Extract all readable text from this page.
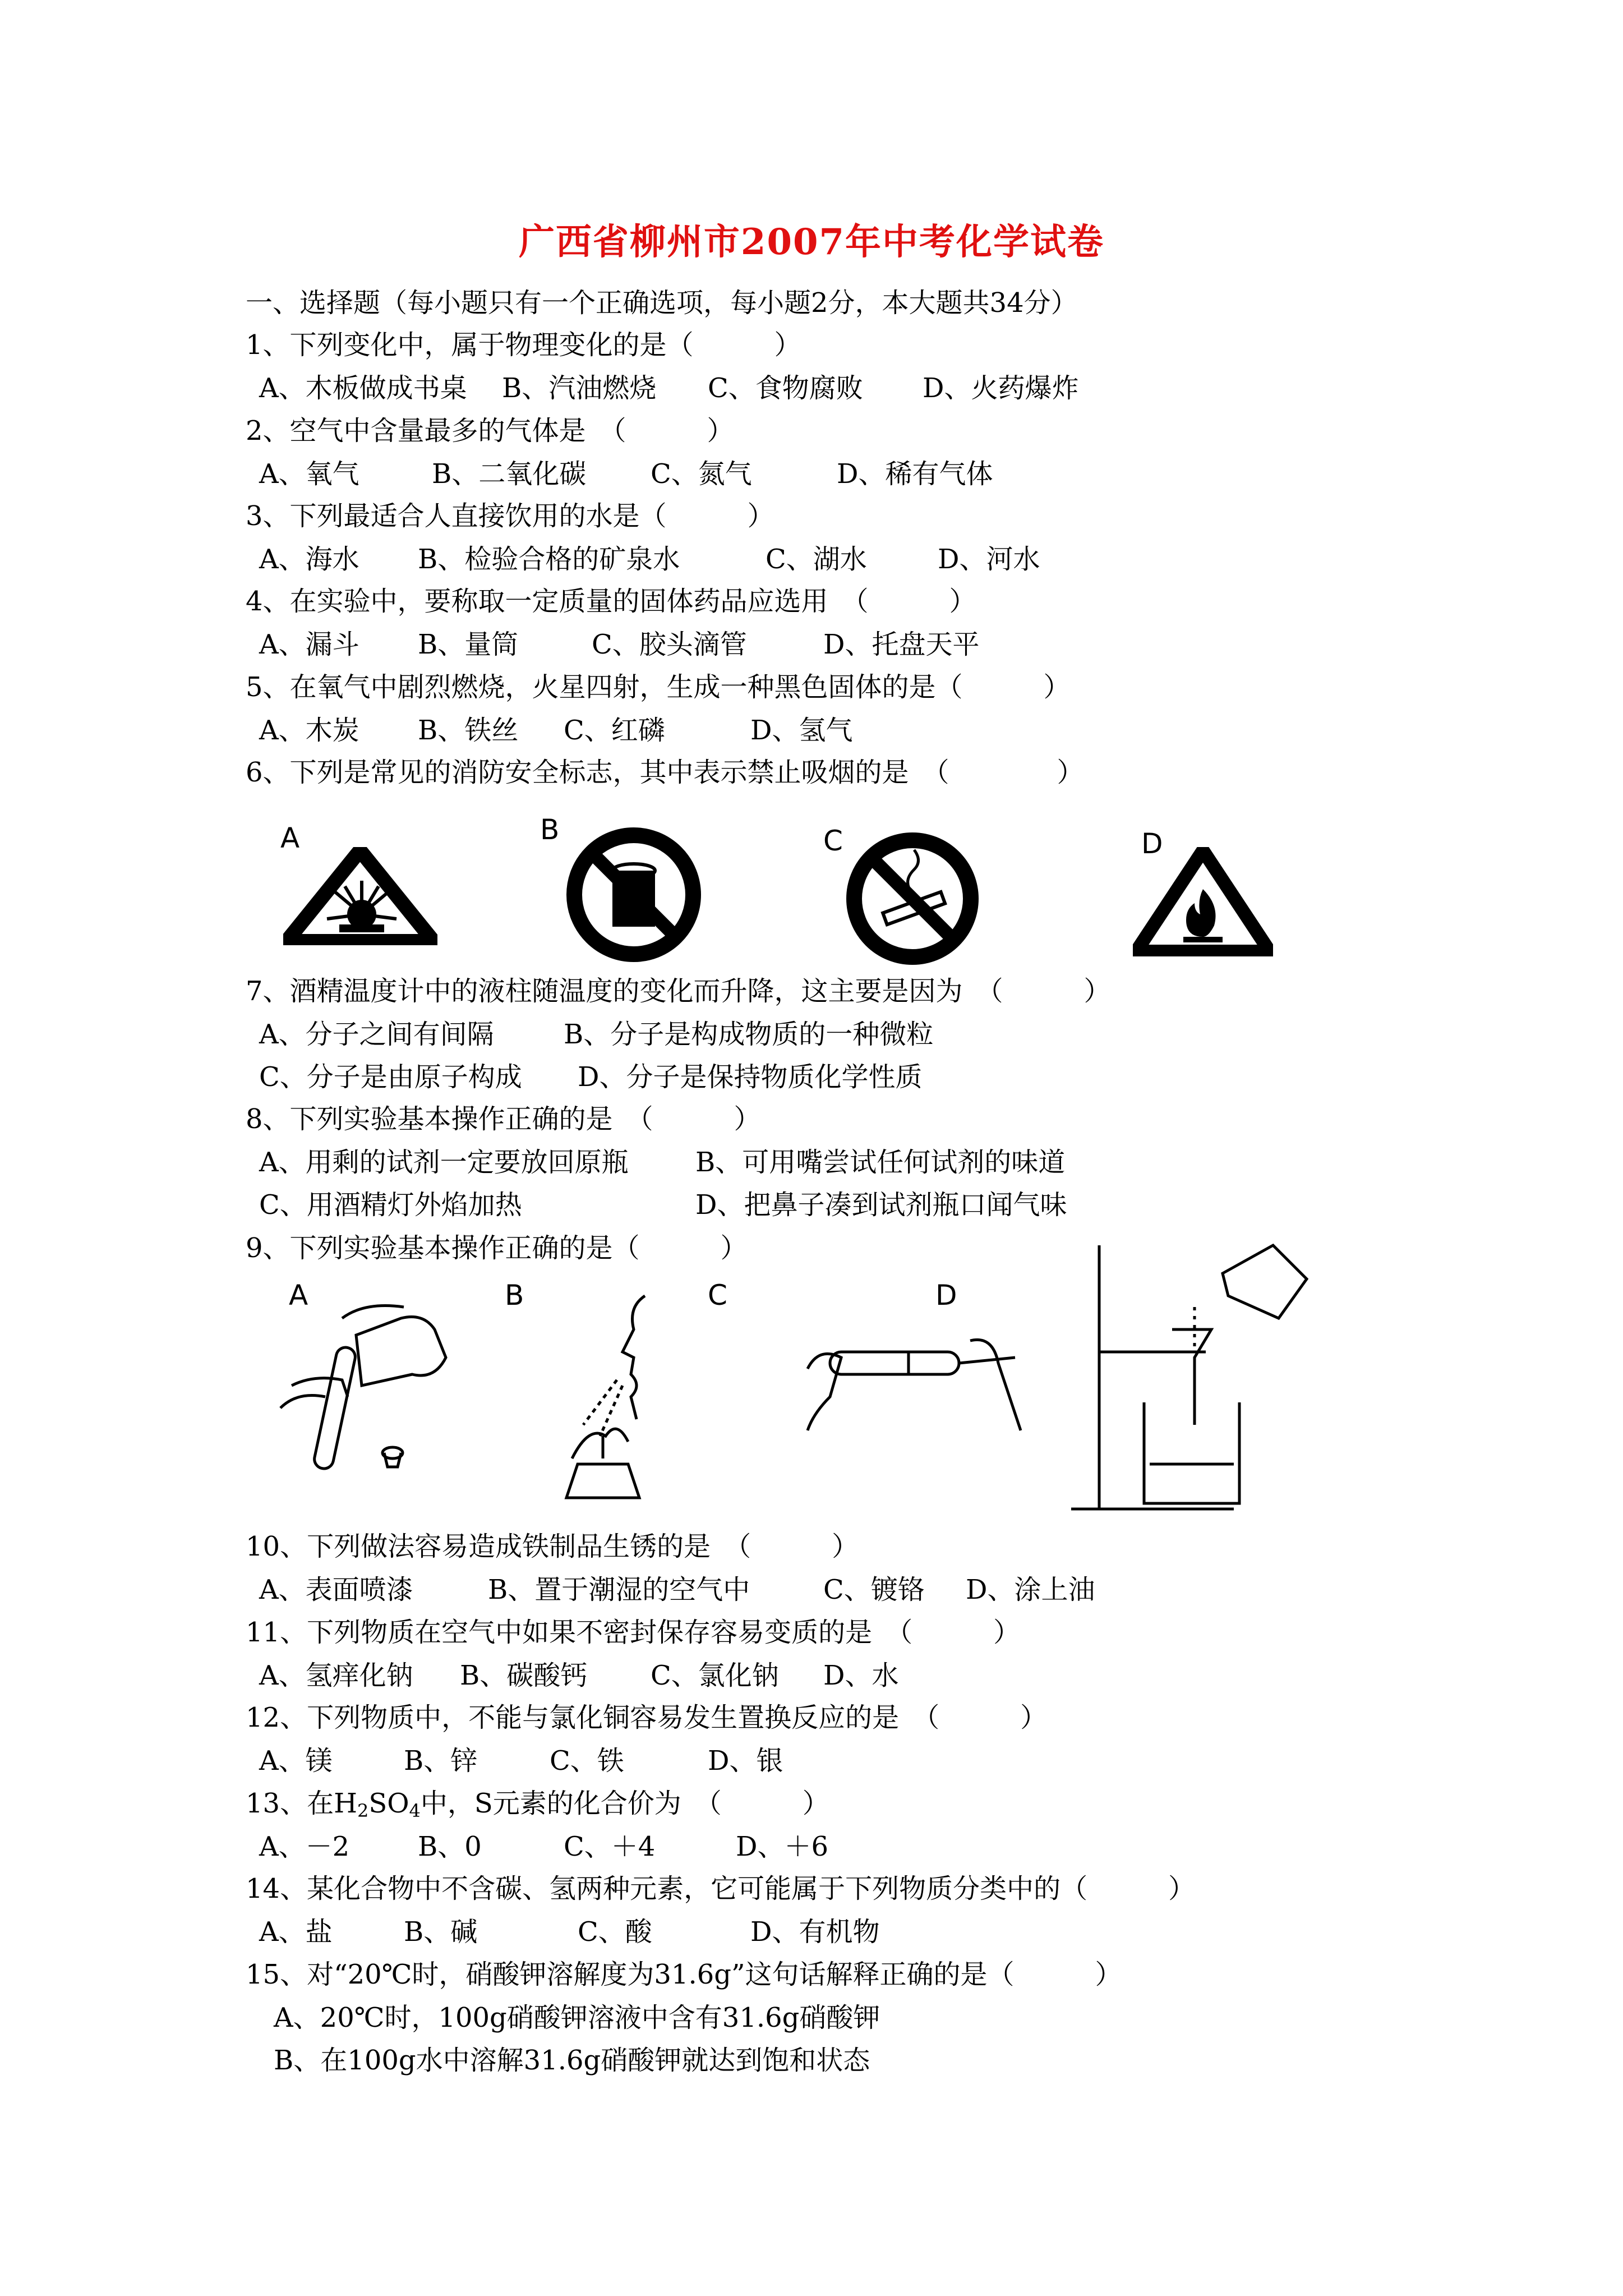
广西省柳州市2007年中考化学试卷
一、选择题（每小题只有一个正确选项，每小题2分，本大题共34分）
1、下列变化中，属于物理变化的是（　　　）
A、木板做成书桌 B、汽油燃烧 C、食物腐败 D、火药爆炸
2、空气中含量最多的气体是　（　　　）
A、氧气	B、二氧化碳 C、氮气	D、稀有气体
3、下列最适合人直接饮用的水是（　　　）
A、海水 B、检验合格的矿泉水	C、湖水	D、河水
4、在实验中，要称取一定质量的固体药品应选用　（　　　）
A、漏斗 B、量筒	C、胶头滴管	D、托盘天平
5、在氧气中剧烈燃烧，火星四射，生成一种黑色固体的是（　　　）
A、木炭 B、铁丝 C、红磷	D、氢气
6、下列是常见的消防安全标志，其中表示禁止吸烟的是　（　　　　）
A	B	C	D
7、酒精温度计中的液柱随温度的变化而升降，这主要是因为　（　　　）
A、分子之间有间隔	B、分子是构成物质的一种微粒
C、分子是由原子构成 D、分子是保持物质化学性质
8、下列实验基本操作正确的是　（　　　）
A、用剩的试剂一定要放回原瓶 B、可用嘴尝试任何试剂的味道
C、用酒精灯外焰加热	D、把鼻子凑到试剂瓶口闻气味
9、下列实验基本操作正确的是（　　　）
A	B	C	D
10、下列做法容易造成铁制品生锈的是　（　　　）
A、表面喷漆	B、置于潮湿的空气中	C、镀铬 D、涂上油
11、下列物质在空气中如果不密封保存容易变质的是　（　　　）
A、氢痒化钠 B、碳酸钙 C、氯化钠 D、水
12、下列物质中，不能与氯化铜容易发生置换反应的是　（　　　）
A、镁	B、锌	C、铁	D、银
13、在$H_2SO_4$中，S元素的化合价为　（　　　）
A、－2	B、0	C、＋4	D、＋6
14、某化合物中不含碳、氢两种元素，它可能属于下列物质分类中的（　　　）
A、盐	B、碱	C、酸	D、有机物
15、对“20℃时，硝酸钾溶解度为31.6g”这句话解释正确的是（　　　）
A、20℃时，100g硝酸钾溶液中含有31.6g硝酸钾
B、在100g水中溶解31.6g硝酸钾就达到饱和状态
